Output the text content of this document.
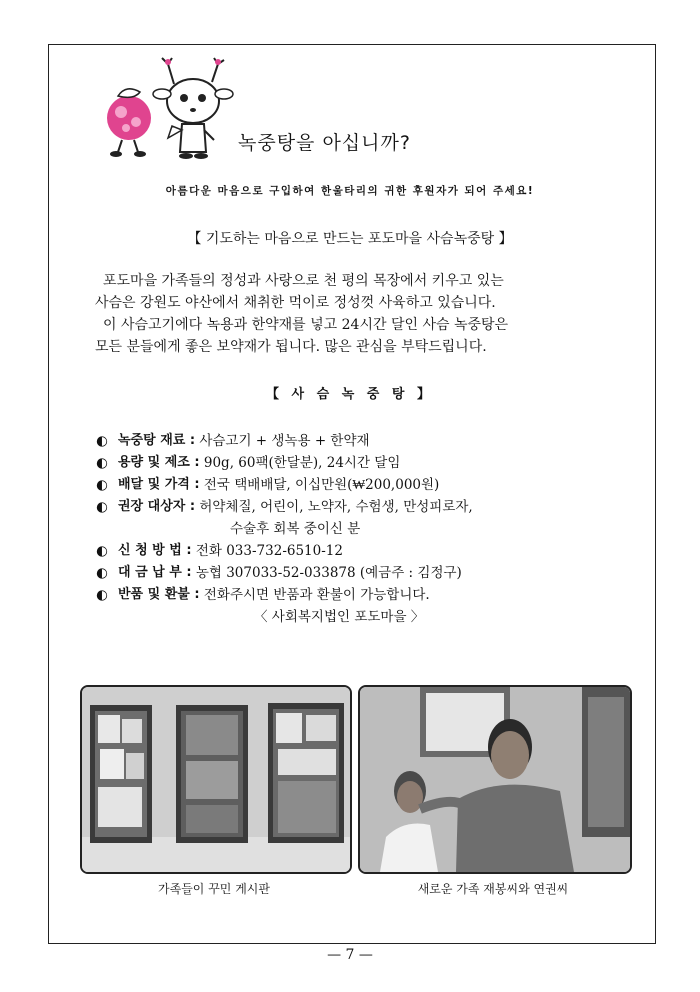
녹중탕을 아십니까?
아름다운 마음으로 구입하여 한울타리의 귀한 후원자가 되어 주세요!
【 기도하는 마음으로 만드는 포도마을 사슴녹중탕 】

포도마을 가족들의 정성과 사랑으로 천 평의 목장에서 키우고 있는

사슴은 강원도 야산에서 채취한 먹이로 정성껏 사육하고 있습니다.

이 사슴고기에다 녹용과 한약재를 넣고 24시간 달인 사슴 녹중탕은

모든 분들에게 좋은 보약재가 됩니다. 많은 관심을 부탁드립니다.

【 사 슴 녹 중 탕 】
◐ 녹중탕 재료 :
사슴고기 + 생녹용 + 한약재
◐ 용량 및 제조 :
90g, 60팩(한달분), 24시간 달임
◐ 배달 및 가격 :
전국 택배배달, 이십만원(₩200,000원)
◐ 권장 대상자 :
허약체질, 어린이, 노약자, 수험생, 만성피로자,
수술후 회복 중이신 분
◐ 신 청 방 법 :
전화 033-732-6510-12
◐ 대 금 납 부 :
농협 307033-52-033878 (예금주 : 김정구)
◐ 반품 및 환불 :
전화주시면 반품과 환불이 가능합니다.
〈 사회복지법인 포도마을 〉
가족들이 꾸민 게시판	새로운 가족 재봉씨와 연권씨
— 7 —
